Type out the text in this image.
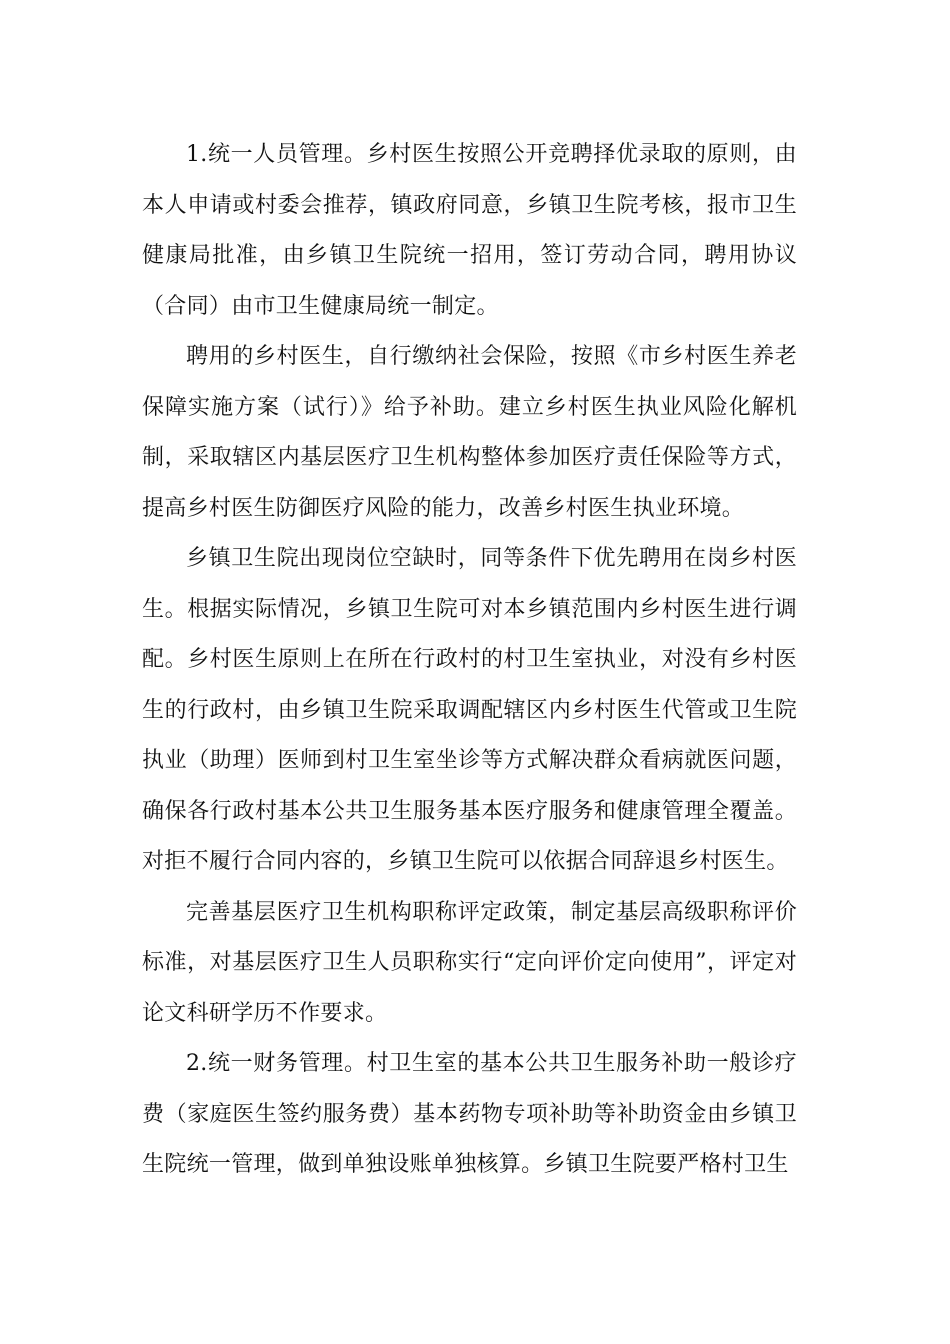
1.统一人员管理。乡村医生按照公开竞聘择优录取的原则，由本人申请或村委会推荐，镇政府同意，乡镇卫生院考核，报市卫生健康局批准，由乡镇卫生院统一招用，签订劳动合同，聘用协议（合同）由市卫生健康局统一制定。

聘用的乡村医生，自行缴纳社会保险，按照《市乡村医生养老保障实施方案（试行）》给予补助。建立乡村医生执业风险化解机制，采取辖区内基层医疗卫生机构整体参加医疗责任保险等方式，提高乡村医生防御医疗风险的能力，改善乡村医生执业环境。

乡镇卫生院出现岗位空缺时，同等条件下优先聘用在岗乡村医生。根据实际情况，乡镇卫生院可对本乡镇范围内乡村医生进行调配。乡村医生原则上在所在行政村的村卫生室执业，对没有乡村医生的行政村，由乡镇卫生院采取调配辖区内乡村医生代管或卫生院执业（助理）医师到村卫生室坐诊等方式解决群众看病就医问题，确保各行政村基本公共卫生服务基本医疗服务和健康管理全覆盖。对拒不履行合同内容的，乡镇卫生院可以依据合同辞退乡村医生。

完善基层医疗卫生机构职称评定政策，制定基层高级职称评价标准，对基层医疗卫生人员职称实行“定向评价定向使用”，评定对论文科研学历不作要求。

2.统一财务管理。村卫生室的基本公共卫生服务补助一般诊疗费（家庭医生签约服务费）基本药物专项补助等补助资金由乡镇卫生院统一管理，做到单独设账单独核算。乡镇卫生院要严格村卫生
